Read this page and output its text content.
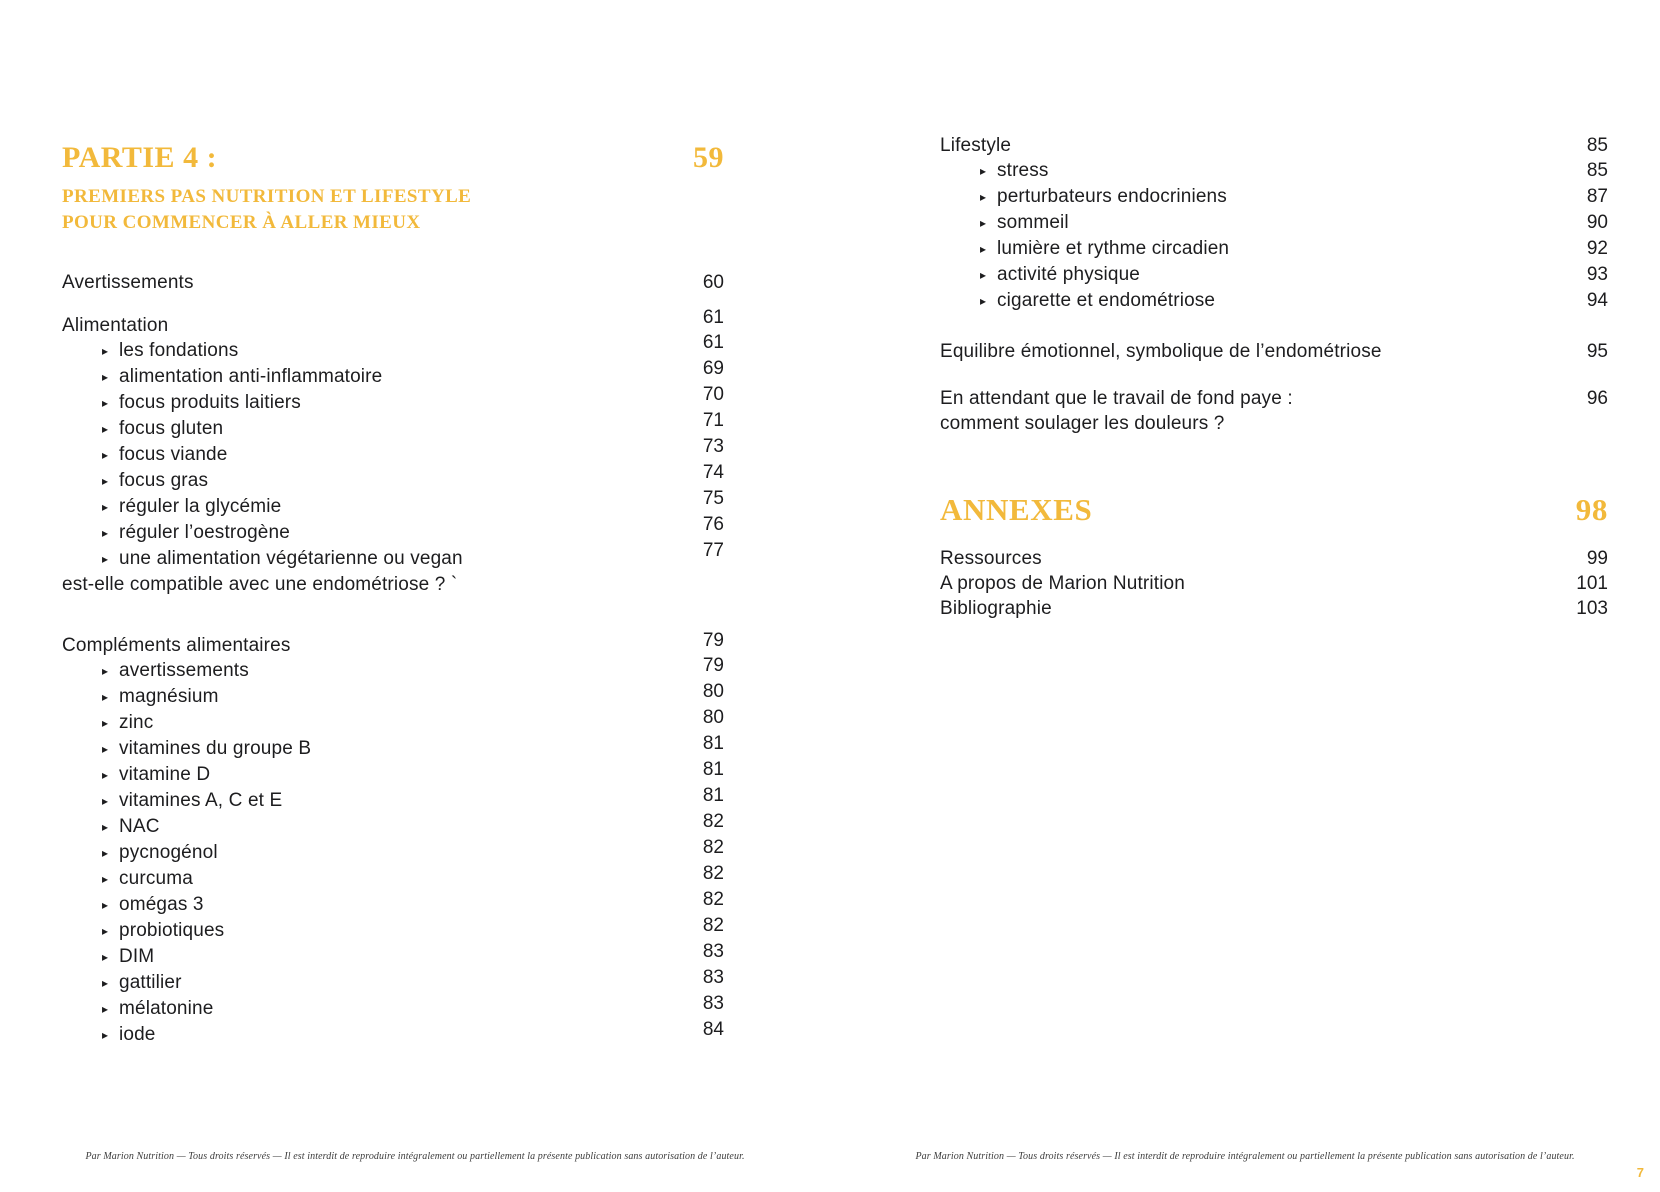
PARTIE 4 :	59
PREMIERS PAS NUTRITION ET LIFESTYLE
POUR COMMENCER À ALLER MIEUX
Avertissements	60
Alimentation	61
▸ les fondations	61
▸ alimentation anti-inflammatoire	69
▸ focus produits laitiers	70
▸ focus gluten	71
▸ focus viande	73
▸ focus gras	74
▸ réguler la glycémie	75
▸ réguler l’oestrogène	76
▸ une alimentation végétarienne ou vegan	77
est-elle compatible avec une endométriose ? `
Compléments alimentaires	79
▸ avertissements	79
▸ magnésium	80
▸ zinc	80
▸ vitamines du groupe B	81
▸ vitamine D	81
▸ vitamines A, C et E	81
▸ NAC	82
▸ pycnogénol	82
▸ curcuma	82
▸ omégas 3	82
▸ probiotiques	82
▸ DIM	83
▸ gattilier	83
▸ mélatonine	83
▸ iode	84
Par Marion Nutrition — Tous droits réservés — Il est interdit de reproduire intégralement ou partiellement la présente publication sans autorisation de l’auteur.
Lifestyle	85
▸ stress	85
▸ perturbateurs endocriniens	87
▸ sommeil	90
▸ lumière et rythme circadien	92
▸ activité physique	93
▸ cigarette et endométriose	94
Equilibre émotionnel, symbolique de l’endométriose	95
En attendant que le travail de fond paye :	96
comment soulager les douleurs ?
ANNEXES	98
Ressources	99
A propos de Marion Nutrition	101
Bibliographie	103
Par Marion Nutrition — Tous droits réservés — Il est interdit de reproduire intégralement ou partiellement la présente publication sans autorisation de l’auteur.
7
